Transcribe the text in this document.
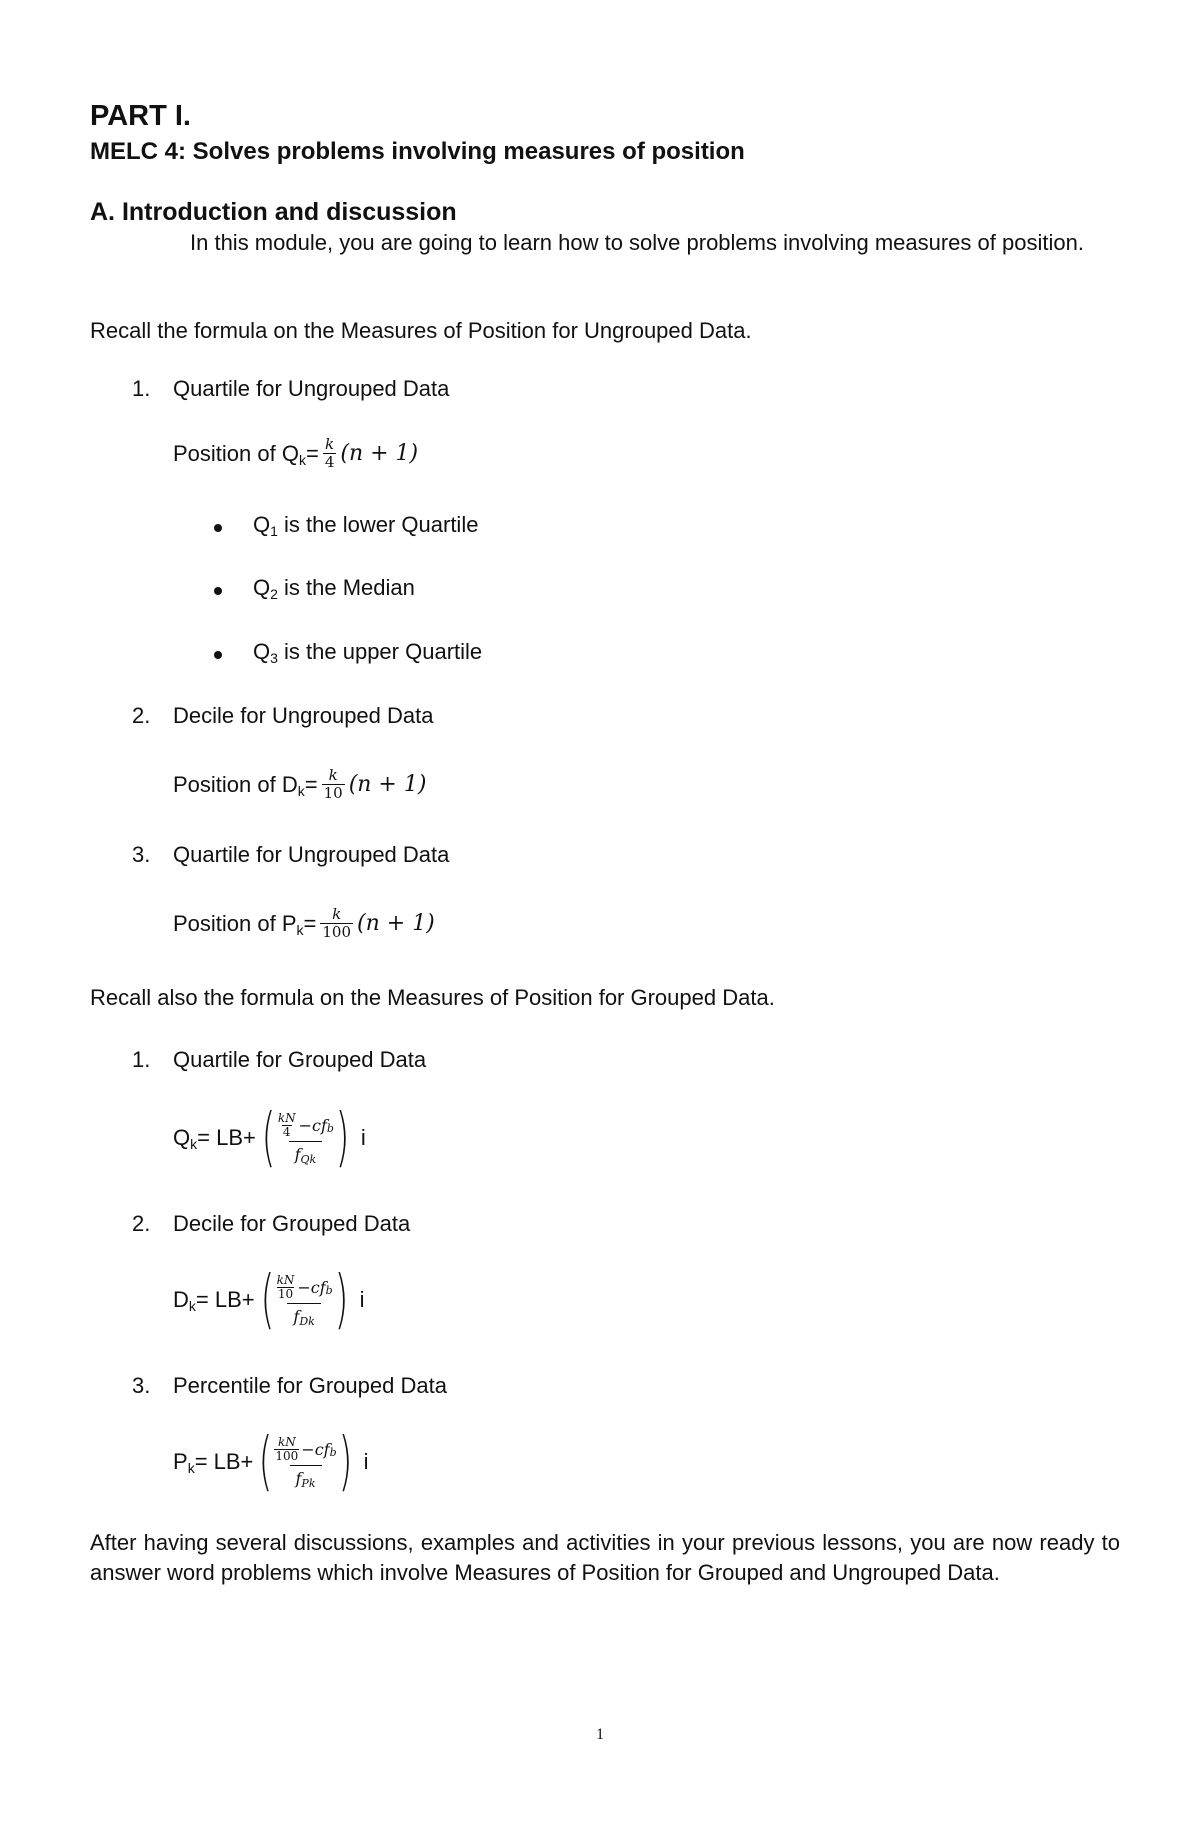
PART I.
MELC 4: Solves problems involving measures of position
A. Introduction and discussion

In this module, you are going to learn how to solve problems involving measures of position.

Recall the formula on the Measures of Position for Ungrouped Data.
1. Quartile for Ungrouped Data
Position of Q $k = \frac{k}{4} (n + 1)$
Q1 is the lower Quartile
Q2 is the Median
Q3 is the upper Quartile
2. Decile for Ungrouped Data
Position of D $k = \frac{k}{10} (n + 1)$
3. Quartile for Ungrouped Data
Position of P $k = \frac{k}{100} (n + 1)$
Recall also the formula on the Measures of Position for Grouped Data.
1. Quartile for Grouped Data
Q k = LB+ ( kN
4 − cf b
fQk ) i
2. Decile for Grouped Data
D k = LB+ ( kN
10 − cf b
fDk ) i
3. Percentile for Grouped Data
P k = LB+ ( kN
100 − cf b
fPk ) i

After having several discussions, examples and activities in your previous lessons, you are now ready to answer word problems which involve Measures of Position for Grouped and Ungrouped Data.

1
